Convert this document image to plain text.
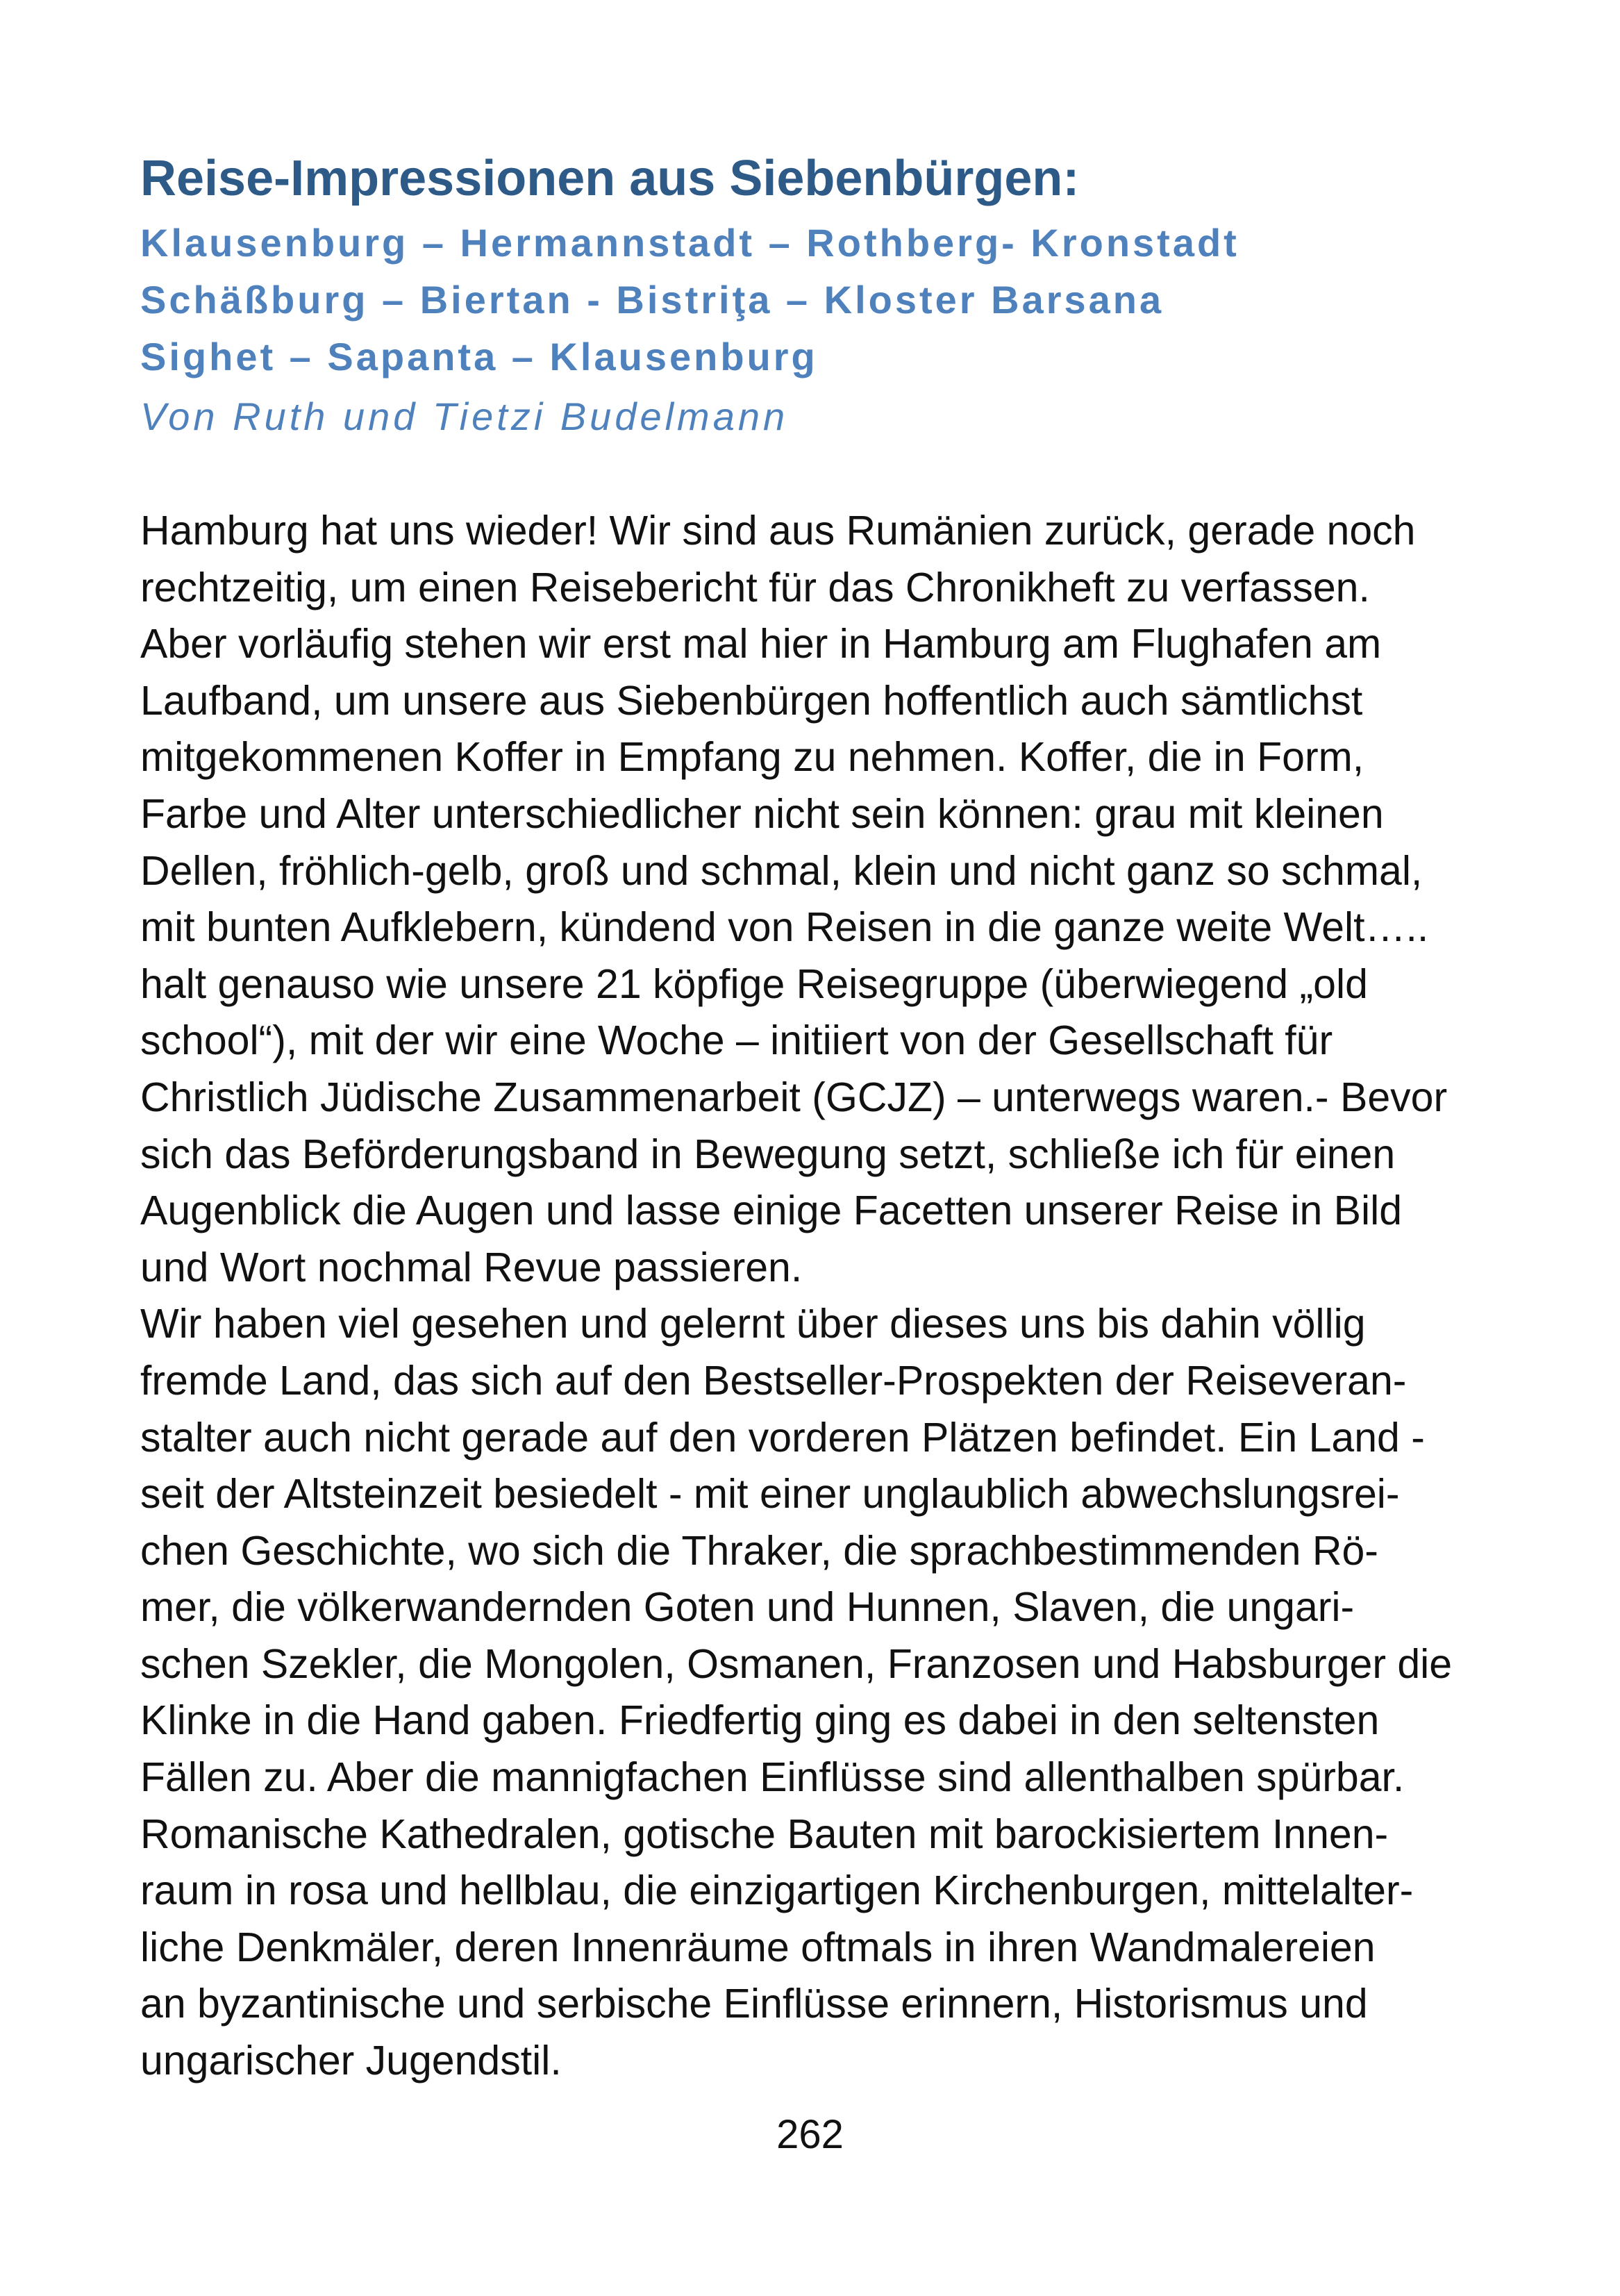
Reise-Impressionen aus Siebenbürgen:

Klausenburg – Hermannstadt – Rothberg- Kronstadt

Schäßburg – Biertan - Bistriţa – Kloster Barsana

Sighet – Sapanta – Klausenburg

Von Ruth und Tietzi Budelmann

Hamburg hat uns wieder! Wir sind aus Rumänien zurück, gerade noch
rechtzeitig, um einen Reisebericht für das Chronikheft zu verfassen.
Aber vorläufig stehen wir erst mal hier in Hamburg am Flughafen am
Laufband, um unsere aus Siebenbürgen hoffentlich auch sämtlichst
mitgekommenen Koffer in Empfang zu nehmen. Koffer, die in Form,
Farbe und Alter unterschiedlicher nicht sein können: grau mit kleinen
Dellen, fröhlich-gelb, groß und schmal, klein und nicht ganz so schmal,
mit bunten Aufklebern, kündend von Reisen in die ganze weite Welt…..
halt genauso wie unsere 21 köpfige Reisegruppe (überwiegend „old
school“), mit der wir eine Woche – initiiert von der Gesellschaft für
Christlich Jüdische Zusammenarbeit (GCJZ) – unterwegs waren.- Bevor
sich das Beförderungsband in Bewegung setzt, schließe ich für einen
Augenblick die Augen und lasse einige Facetten unserer Reise in Bild
und Wort nochmal Revue passieren.
Wir haben viel gesehen und gelernt über dieses uns bis dahin völlig
fremde Land, das sich auf den Bestseller-Prospekten der Reiseveran-
stalter auch nicht gerade auf den vorderen Plätzen befindet. Ein Land -
seit der Altsteinzeit besiedelt - mit einer unglaublich abwechslungsrei-
chen Geschichte, wo sich die Thraker, die sprachbestimmenden Rö-
mer, die völkerwandernden Goten und Hunnen, Slaven, die ungari-
schen Szekler, die Mongolen, Osmanen, Franzosen und Habsburger die
Klinke in die Hand gaben. Friedfertig ging es dabei in den seltensten
Fällen zu. Aber die mannigfachen Einflüsse sind allenthalben spürbar.
Romanische Kathedralen, gotische Bauten mit barockisiertem Innen-
raum in rosa und hellblau, die einzigartigen Kirchenburgen, mittelalter-
liche Denkmäler, deren Innenräume oftmals in ihren Wandmalereien
an byzantinische und serbische Einflüsse erinnern, Historismus und
ungarischer Jugendstil.
262
